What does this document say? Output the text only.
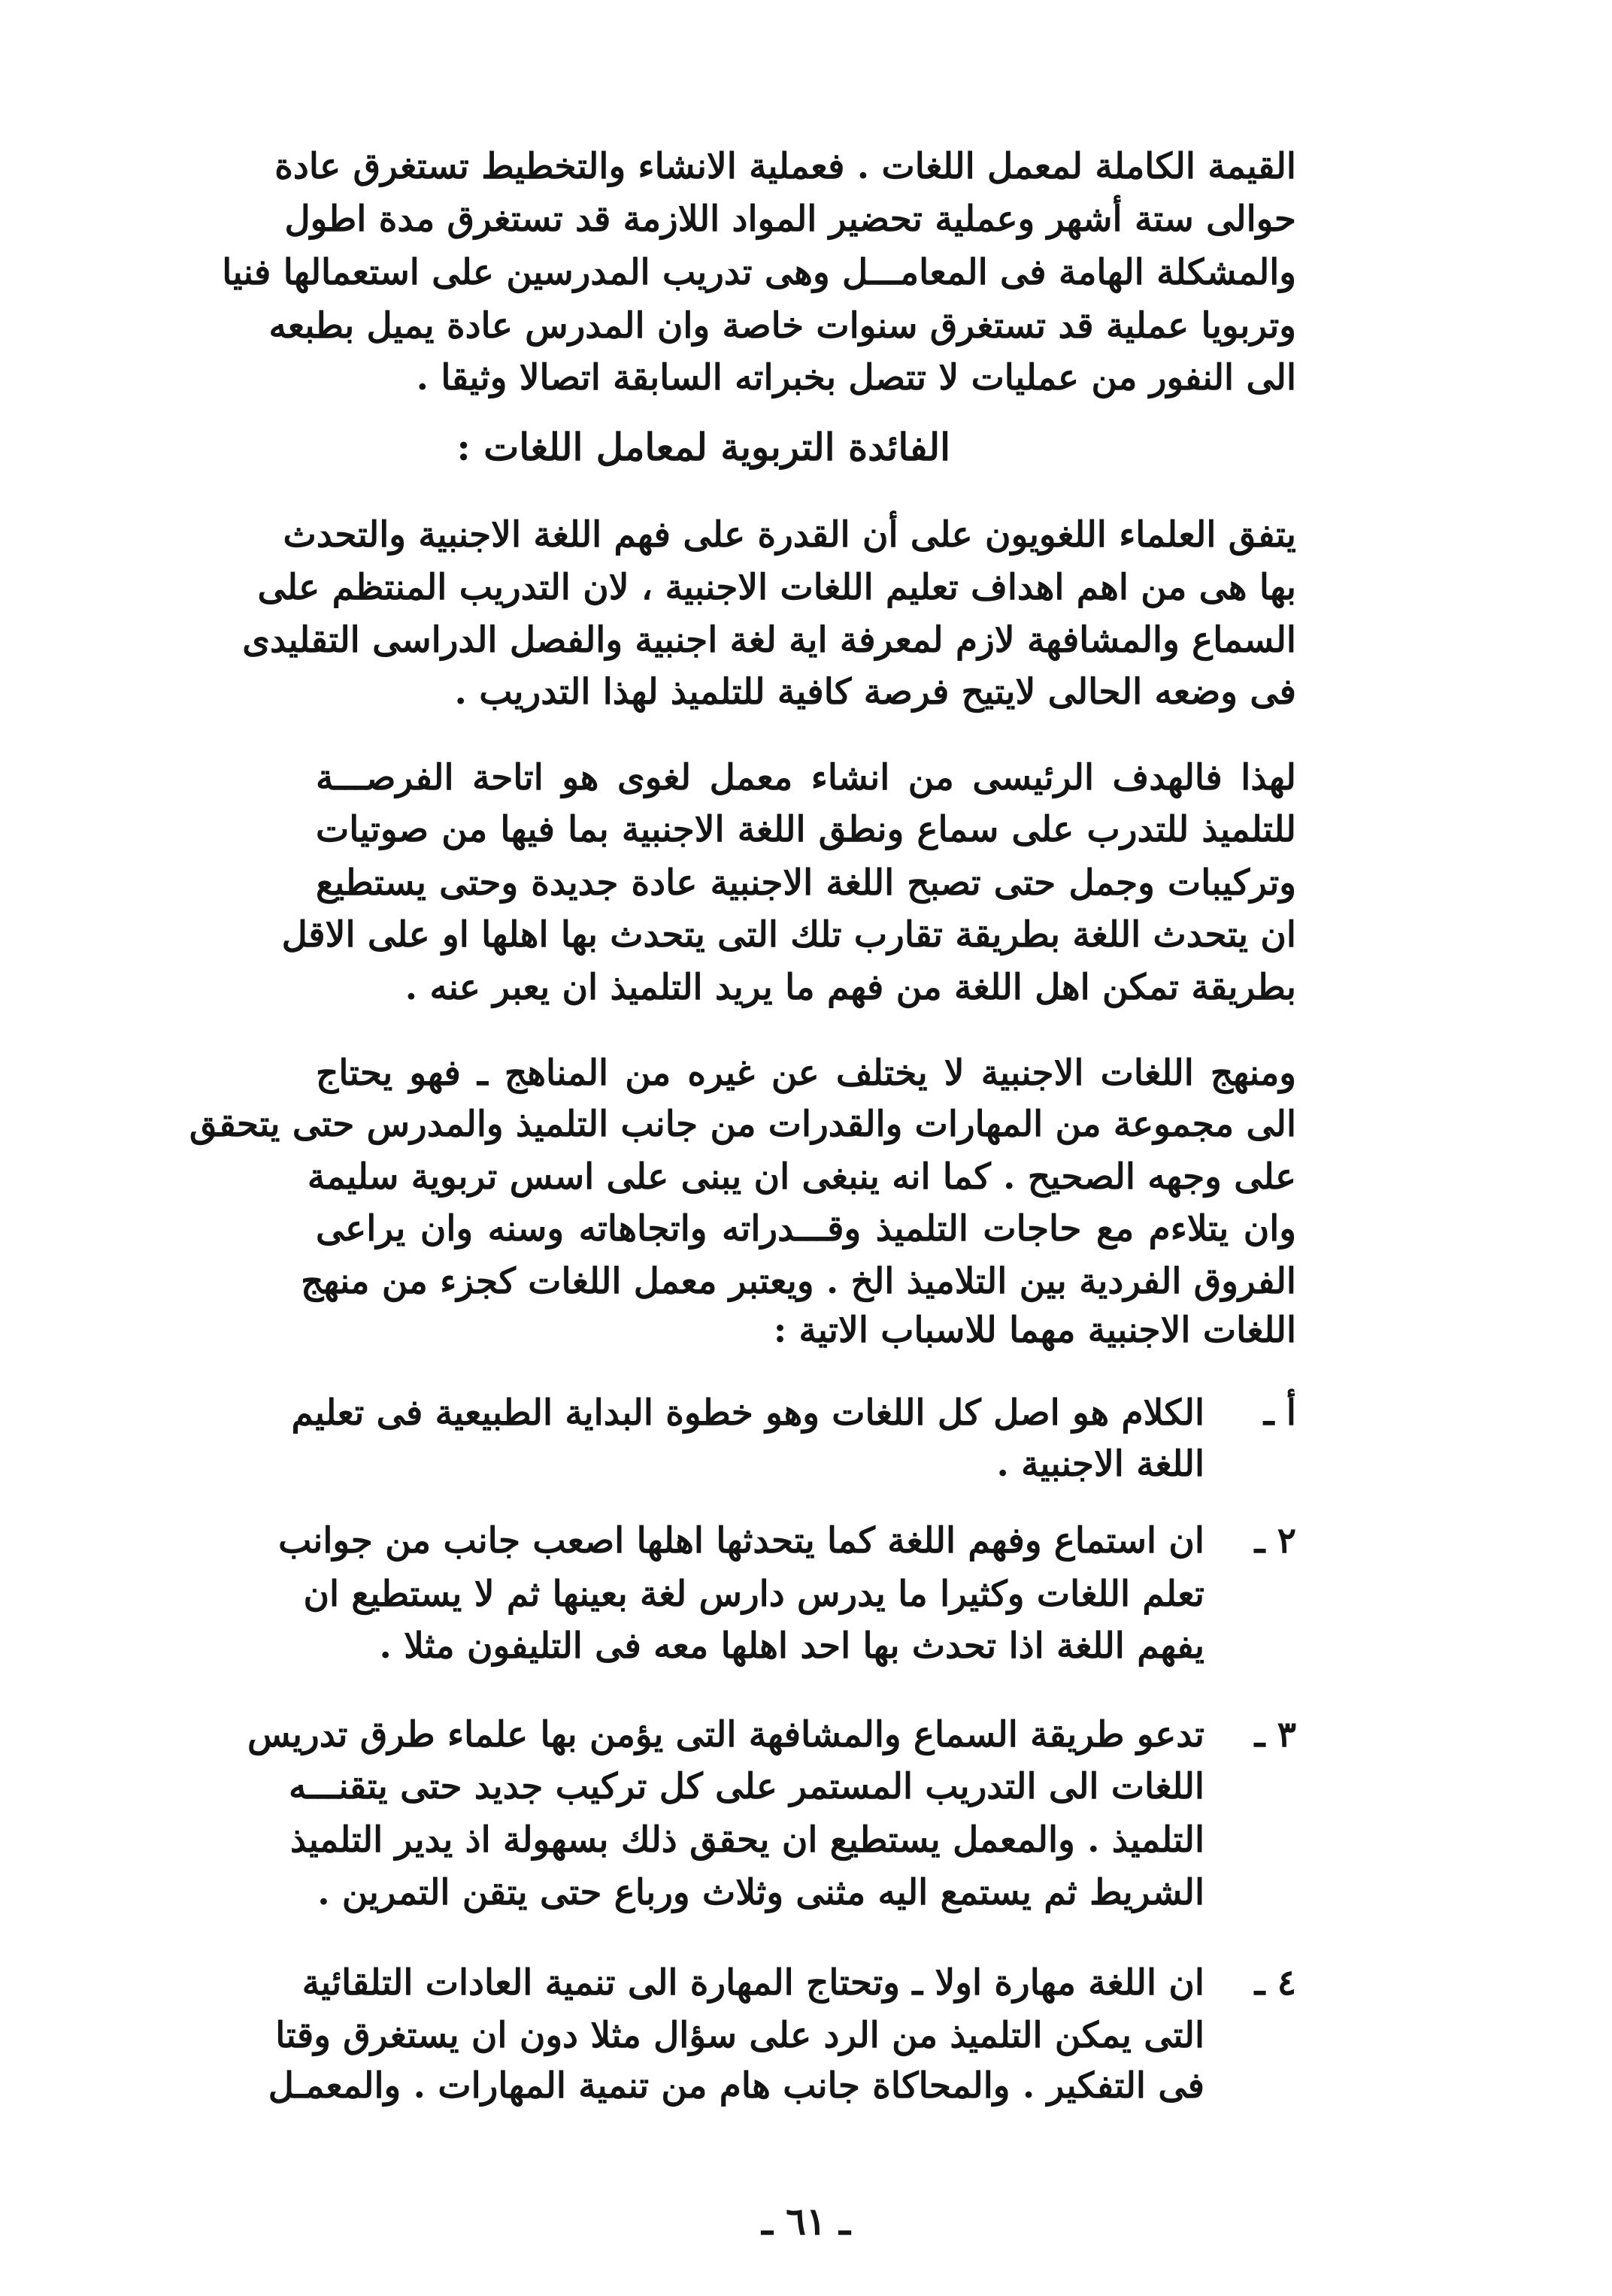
القيمة الكاملة لمعمل اللغات . فعملية الانشاء والتخطيط تستغرق عادة
حوالى ستة أشهر وعملية تحضير المواد اللازمة قد تستغرق مدة اطول
والمشكلة الهامة فى المعامـــل وهى تدريب المدرسين على استعمالها فنيا
وتربويا عملية قد تستغرق سنوات خاصة وان المدرس عادة يميل بطبعه
الى النفور من عمليات لا تتصل بخبراته السابقة اتصالا وثيقا .
الفائدة التربوية لمعامل اللغات :
يتفق العلماء اللغويون على أن القدرة على فهم اللغة الاجنبية والتحدث
بها هى من اهم اهداف تعليم اللغات الاجنبية ، لان التدريب المنتظم على
السماع والمشافهة لازم لمعرفة اية لغة اجنبية والفصل الدراسى التقليدى
فى وضعه الحالى لايتيح فرصة كافية للتلميذ لهذا التدريب .
لهذا فالهدف الرئيسى من انشاء معمل لغوى هو اتاحة الفرصـــة
للتلميذ للتدرب على سماع ونطق اللغة الاجنبية بما فيها من صوتيات
وتركيبات وجمل حتى تصبح اللغة الاجنبية عادة جديدة وحتى يستطيع
ان يتحدث اللغة بطريقة تقارب تلك التى يتحدث بها اهلها او على الاقل
بطريقة تمكن اهل اللغة من فهم ما يريد التلميذ ان يعبر عنه .
ومنهج اللغات الاجنبية لا يختلف عن غيره من المناهج ـ فهو يحتاج
الى مجموعة من المهارات والقدرات من جانب التلميذ والمدرس حتى يتحقق
على وجهه الصحيح . كما انه ينبغى ان يبنى على اسس تربوية سليمة
وان يتلاءم مع حاجات التلميذ وقـــدراته واتجاهاته وسنه وان يراعى
الفروق الفردية بين التلاميذ الخ . ويعتبر معمل اللغات كجزء من منهج
اللغات الاجنبية مهما للاسباب الاتية :
أ ـ
الكلام هو اصل كل اللغات وهو خطوة البداية الطبيعية فى تعليم
اللغة الاجنبية .
٢ ـ
ان استماع وفهم اللغة كما يتحدثها اهلها اصعب جانب من جوانب
تعلم اللغات وكثيرا ما يدرس دارس لغة بعينها ثم لا يستطيع ان
يفهم اللغة اذا تحدث بها احد اهلها معه فى التليفون مثلا .
٣ ـ
تدعو طريقة السماع والمشافهة التى يؤمن بها علماء طرق تدريس
اللغات الى التدريب المستمر على كل تركيب جديد حتى يتقنـــه
التلميذ . والمعمل يستطيع ان يحقق ذلك بسهولة اذ يدير التلميذ
الشريط ثم يستمع اليه مثنى وثلاث ورباع حتى يتقن التمرين .
٤ ـ
ان اللغة مهارة اولا ـ وتحتاج المهارة الى تنمية العادات التلقائية
التى يمكن التلميذ من الرد على سؤال مثلا دون ان يستغرق وقتا
فى التفكير . والمحاكاة جانب هام من تنمية المهارات . والمعمـل
ـ ٦١ ـ
